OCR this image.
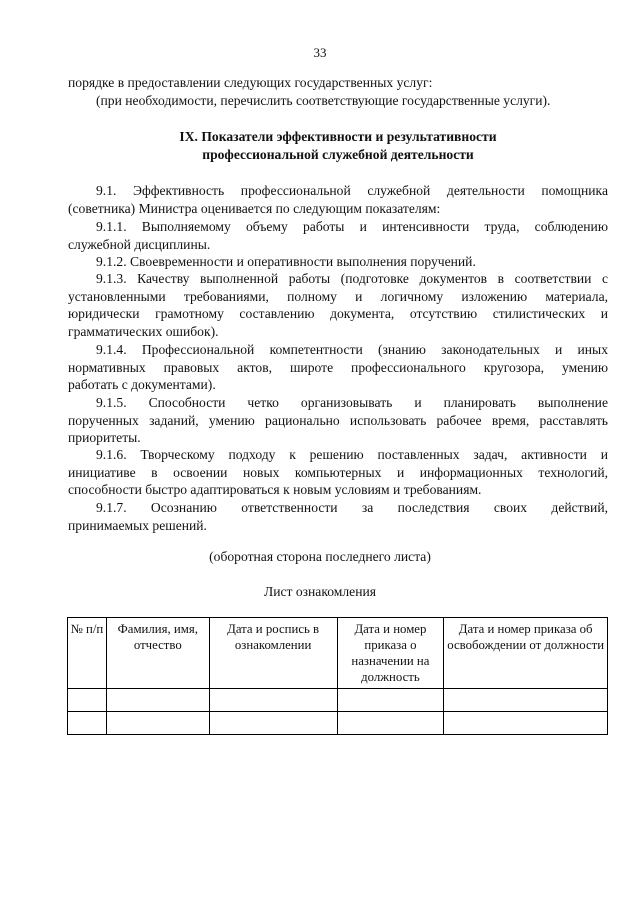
33
порядке в предоставлении следующих государственных услуг:
(при необходимости, перечислить соответствующие государственные услуги).
IX. Показатели эффективности и результативности
профессиональной служебной деятельности
9.1. Эффективность профессиональной служебной деятельности помощника
(советника) Министра оценивается по следующим показателям:
9.1.1. Выполняемому объему работы и интенсивности труда, соблюдению
служебной дисциплины.
9.1.2. Своевременности и оперативности выполнения поручений.
9.1.3. Качеству выполненной работы (подготовке документов в соответствии с
установленными требованиями, полному и логичному изложению материала,
юридически грамотному составлению документа, отсутствию стилистических и
грамматических ошибок).
9.1.4. Профессиональной компетентности (знанию законодательных и иных
нормативных правовых актов, широте профессионального кругозора, умению
работать с документами).
9.1.5. Способности четко организовывать и планировать выполнение
порученных заданий, умению рационально использовать рабочее время, расставлять
приоритеты.
9.1.6. Творческому подходу к решению поставленных задач, активности и
инициативе в освоении новых компьютерных и информационных технологий,
способности быстро адаптироваться к новым условиям и требованиям.
9.1.7. Осознанию ответственности за последствия своих действий,
принимаемых решений.
(оборотная сторона последнего листа)
Лист ознакомления
№ п/п	Фамилия, имя, отчество	Дата и роспись в ознакомлении	Дата и номер приказа о назначении на должность	Дата и номер приказа об освобождении от должности
